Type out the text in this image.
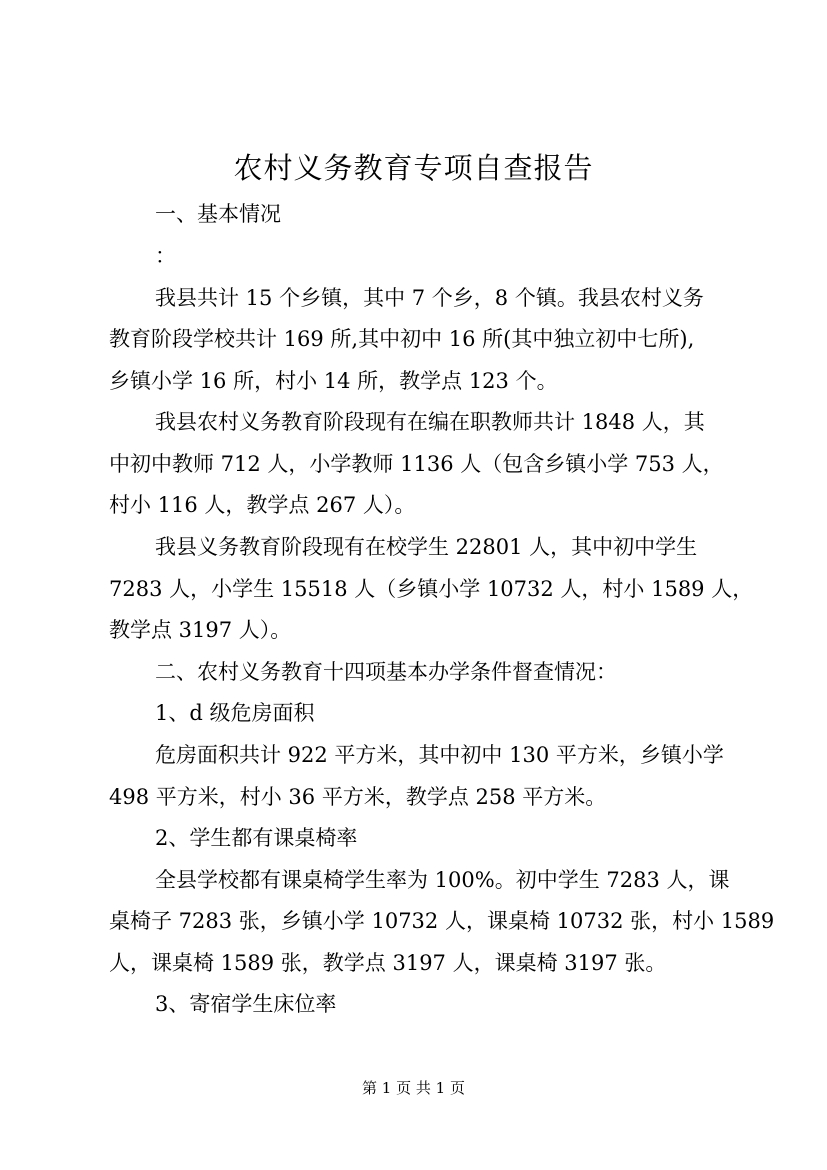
农村义务教育专项自查报告
一、基本情况
：
我县共计 15 个乡镇，其中 7 个乡，8 个镇。我县农村义务
教育阶段学校共计 169 所,其中初中 16 所(其中独立初中七所),
乡镇小学 16 所，村小 14 所，教学点 123 个。
我县农村义务教育阶段现有在编在职教师共计 1848 人，其
中初中教师 712 人，小学教师 1136 人（包含乡镇小学 753 人，
村小 116 人，教学点 267 人）。
我县义务教育阶段现有在校学生 22801 人，其中初中学生
7283 人，小学生 15518 人（乡镇小学 10732 人，村小 1589 人，
教学点 3197 人）。
二、农村义务教育十四项基本办学条件督查情况：
1、d 级危房面积
危房面积共计 922 平方米，其中初中 130 平方米，乡镇小学
498 平方米，村小 36 平方米，教学点 258 平方米。
2、学生都有课桌椅率
全县学校都有课桌椅学生率为 100%。初中学生 7283 人，课
桌椅子 7283 张，乡镇小学 10732 人，课桌椅 10732 张，村小 1589
人，课桌椅 1589 张，教学点 3197 人，课桌椅 3197 张。
3、寄宿学生床位率
第 1 页 共 1 页
